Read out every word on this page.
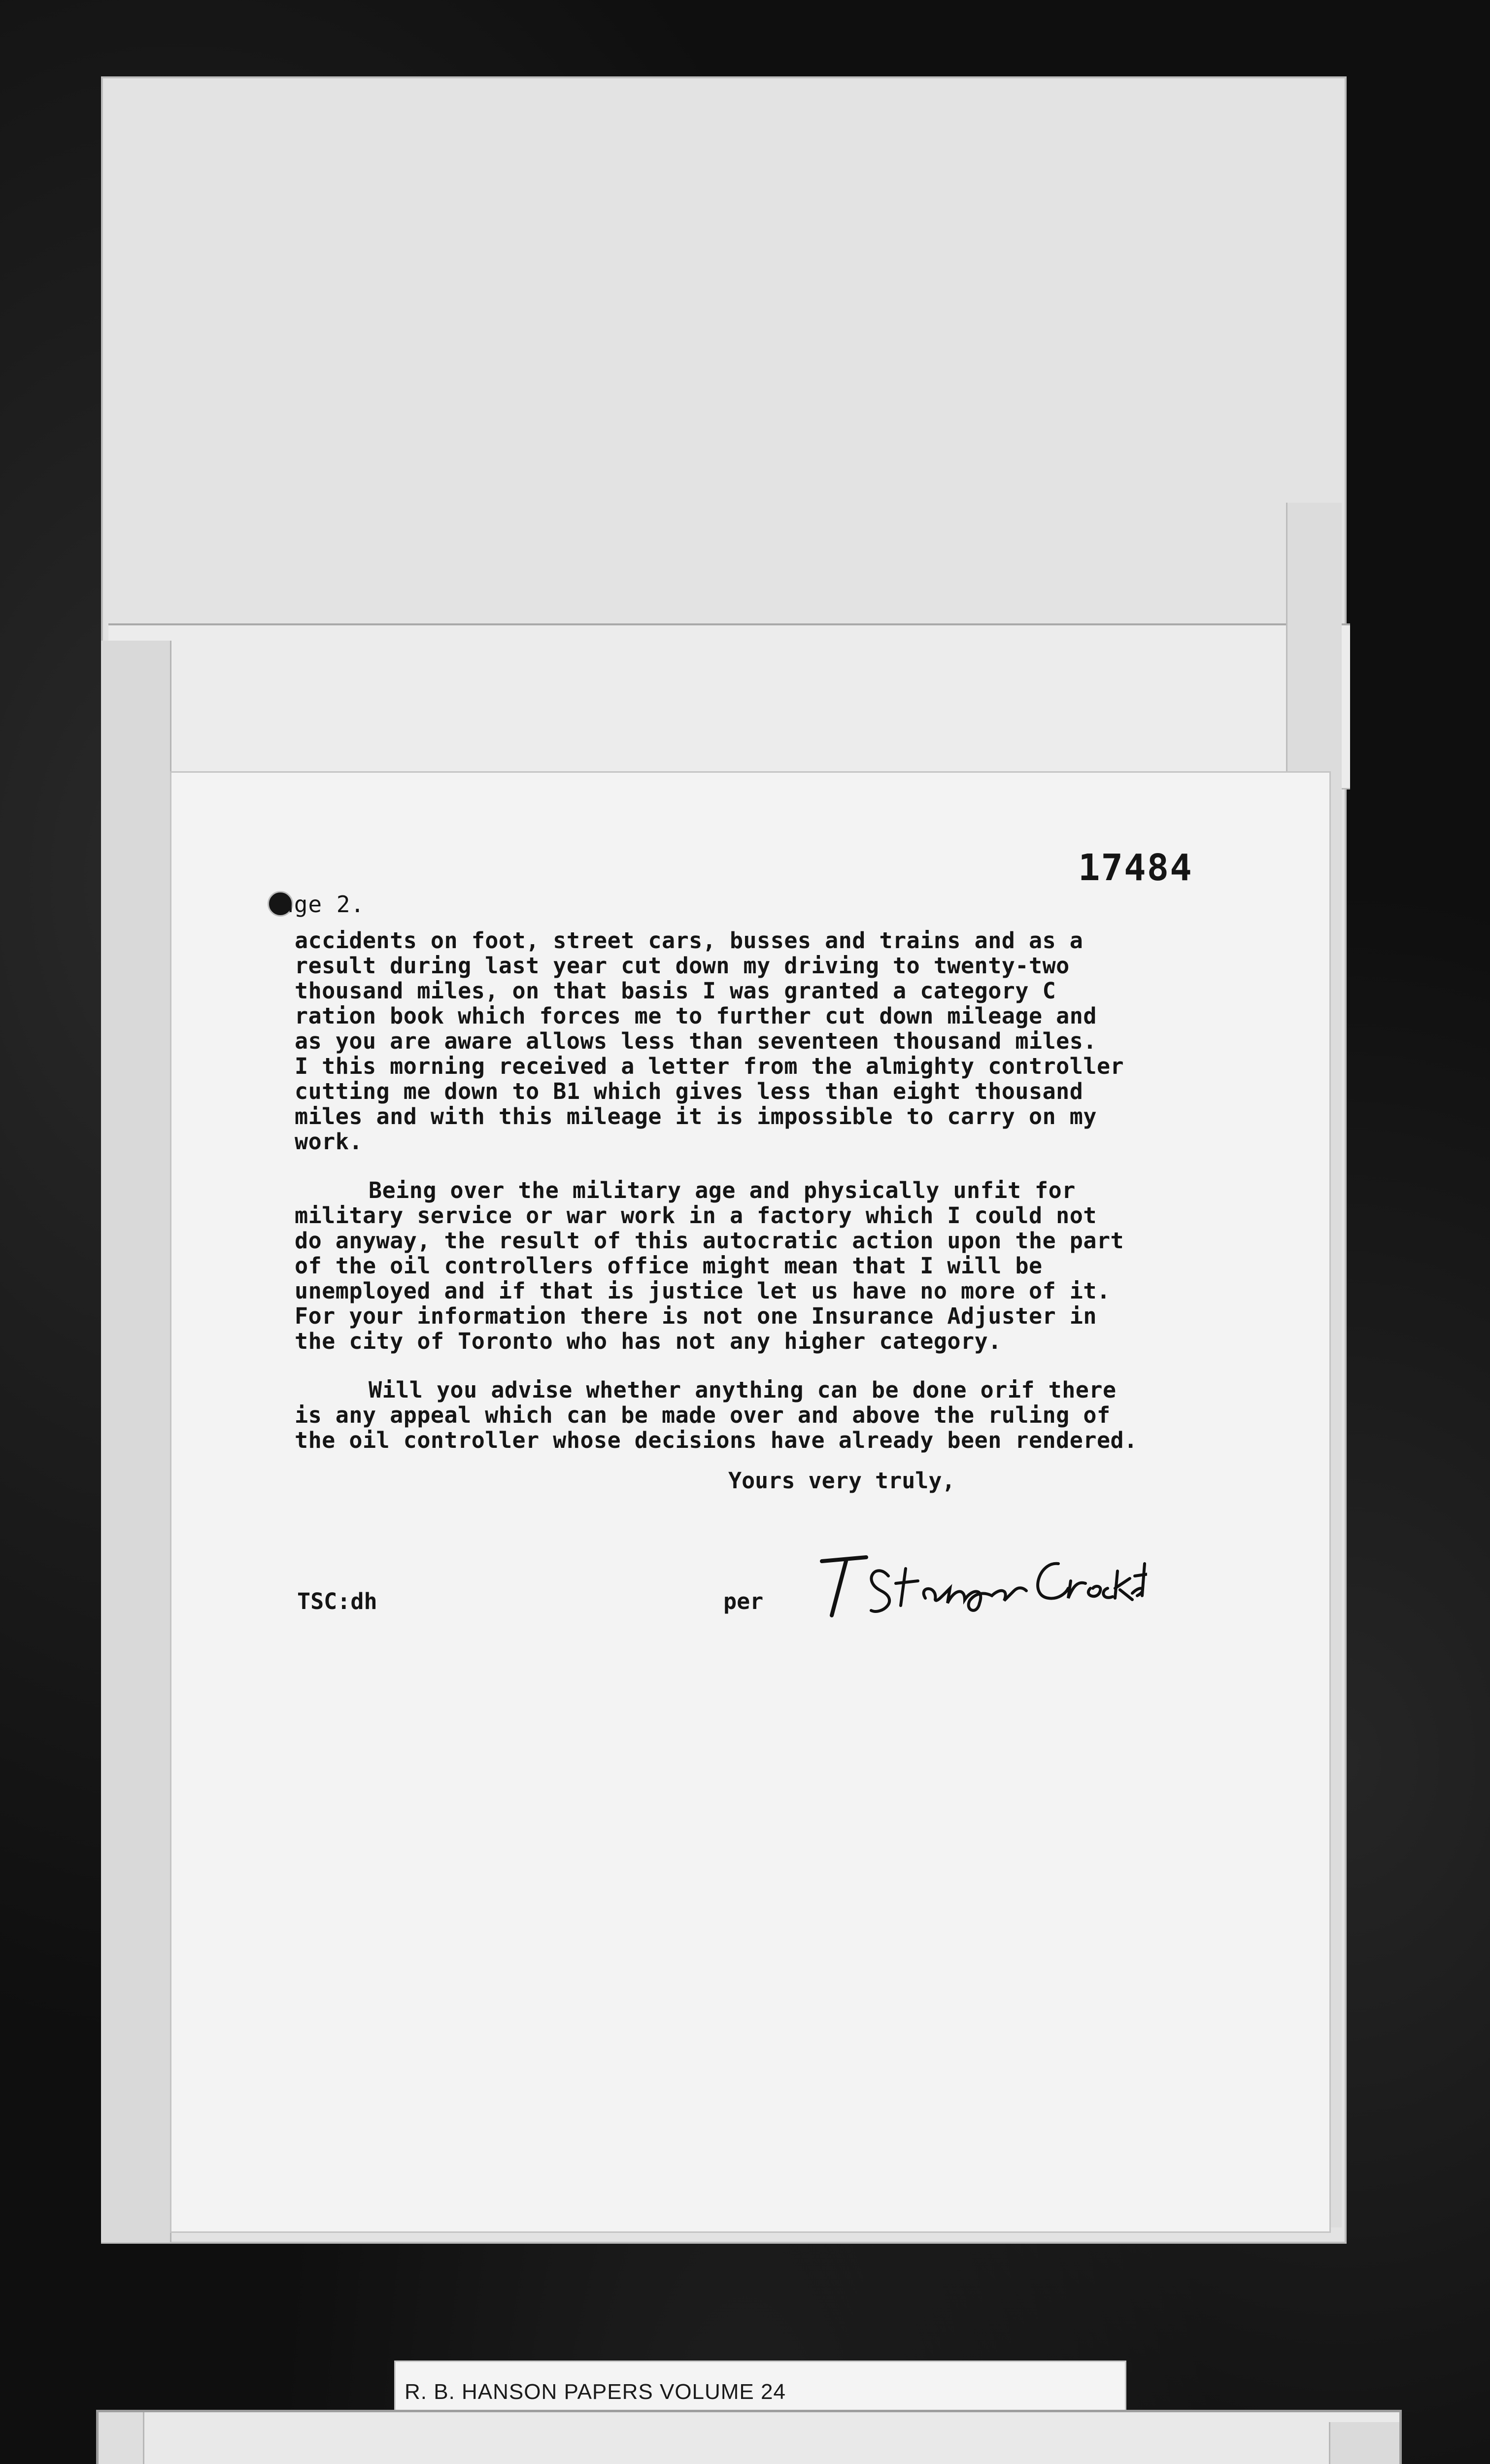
age 2.
17484

accidents on foot, street cars, busses and trains and as a
result during last year cut down my driving to twenty-two
thousand miles, on that basis I was granted a category C
ration book which forces me to further cut down mileage and
as you are aware allows less than seventeen thousand miles.
I this morning received a letter from the almighty controller
cutting me down to B1 which gives less than eight thousand
miles and with this mileage it is impossible to carry on my
work.

Being over the military age and physically unfit for
military service or war work in a factory which I could not
do anyway, the result of this autocratic action upon the part
of the oil controllers office might mean that I will be
unemployed and if that is justice let us have no more of it.
For your information there is not one Insurance Adjuster in
the city of Toronto who has not any higher category.

Will you advise whether anything can be done orif there
is any appeal which can be made over and above the ruling of
the oil controller whose decisions have already been rendered.

Yours very truly,
TSC:dh	per
R. B. HANSON PAPERS VOLUME 24
